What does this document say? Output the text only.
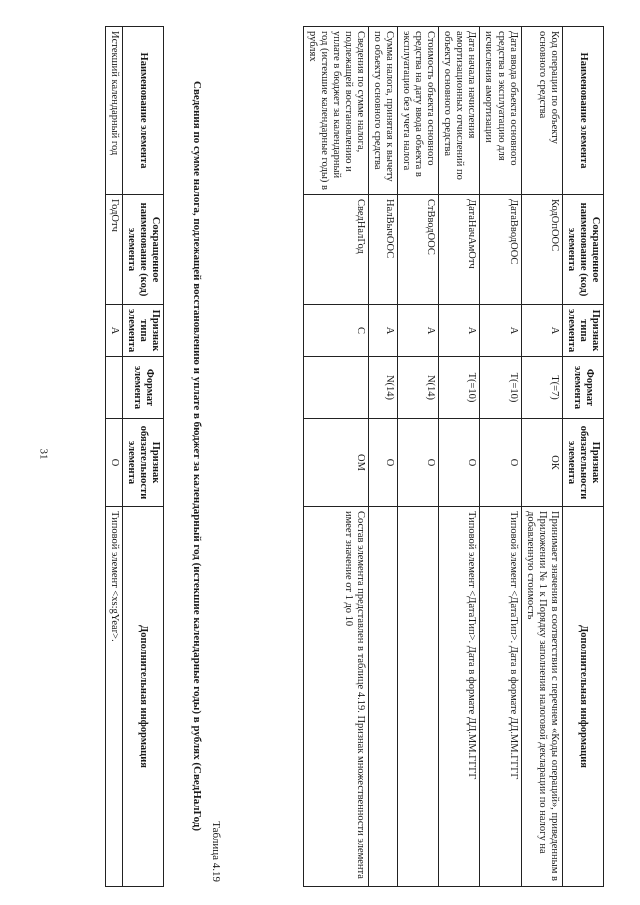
31
Наименование элемента	Сокращенное наименование (код) элемента	Признак типа элемента	Формат элемента	Признак обязательности элемента	Дополнительная информация
Код операции по объекту основного средства	КодОпООС	А	T(=7)	ОК	Принимает значения в соответствии с перечнем «Коды операций», приведенным в Приложении № 1 к Порядку заполнения налоговой декларации по налогу на добавленную стоимость
Дата ввода объекта основного средства в эксплуатацию для исчисления амортизации	ДатаВводООС	А	T(=10)	О	Типовой элемент <ДатаТип>. Дата в формате ДД.ММ.ГГГГ
Дата начала начисления амортизационных отчислений по объекту основного средства	ДатаНачАмОтч	А	T(=10)	О	Типовой элемент <ДатаТип>. Дата в формате ДД.ММ.ГГГГ
Стоимость объекта основного средства на дату ввода объекта в эксплуатацию без учета налога	СтВводООС	А	N(14)	О	
Сумма налога, принятая к вычету по объекту основного средства	НалВычООС	А	N(14)	О	
Сведения по сумме налога, подлежащей восстановлению и уплате в бюджет за календарный год (истекшие календарные годы) в рублях	СведНалГод	С		ОМ	Состав элемента представлен в таблице 4.19. Признак множественности элемента имеет значение от 1 до 10
Таблица 4.19
Сведения по сумме налога, подлежащей восстановлению и уплате в бюджет за календарный год (истекшие календарные годы) в рублях (СведНалГод)
Наименование элемента	Сокращенное наименование (код) элемента	Признак типа элемента	Формат элемента	Признак обязательности элемента	Дополнительная информация
Истекший календарный год	ГодОтч	А		О	Типовой элемент <xs:gYear>.
